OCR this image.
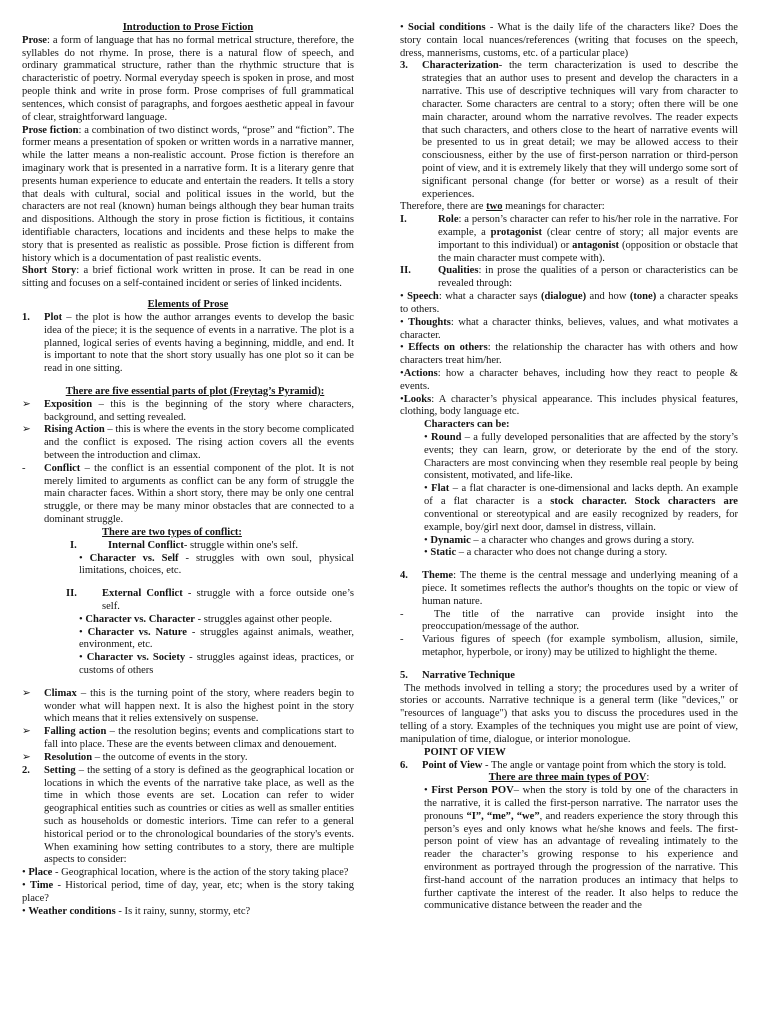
Introduction to Prose Fiction

Prose: a form of language that has no formal metrical structure, therefore, the syllables do not rhyme. In prose, there is a natural flow of speech, and ordinary grammatical structure, rather than the rhythmic structure that is characteristic of poetry. Normal everyday speech is spoken in prose, and most people think and write in prose form. Prose comprises of full grammatical sentences, which consist of paragraphs, and forgoes aesthetic appeal in favour of clear, straightforward language.

Prose fiction: a combination of two distinct words, “prose” and “fiction”. The former means a presentation of spoken or written words in a narrative manner, while the latter means a non-realistic account. Prose fiction is therefore an imaginary work that is presented in a narrative form. It is a literary genre that presents human experience to educate and entertain the readers. It tells a story that deals with cultural, social and political issues in the world, but the characters are not real (known) human beings although they bear human traits and dispositions. Although the story in prose fiction is fictitious, it contains identifiable characters, locations and incidents and these helps to make the story that is presented as realistic as possible. Prose fiction is different from history which is a documentation of past realistic events.

Short Story: a brief fictional work written in prose. It can be read in one sitting and focuses on a self-contained incident or series of linked incidents.

Elements of Prose

1.	Plot – the plot is how the author arranges events to develop the basic idea of the piece; it is the sequence of events in a narrative. The plot is a planned, logical series of events having a beginning, middle, and end. It is important to note that the short story usually has one plot so it can be read in one sitting.

There are five essential parts of plot (Freytag’s Pyramid):

➢	Exposition – this is the beginning of the story where characters, background, and setting revealed.
➢	Rising Action – this is where the events in the story become complicated and the conflict is exposed. The rising action covers all the events between the introduction and climax.
-	Conflict – the conflict is an essential component of the plot. It is not merely limited to arguments as conflict can be any form of struggle the main character faces. Within a short story, there may be only one central struggle, or there may be many minor obstacles that are connected to a dominant struggle.

There are two types of conflict:

I.	Internal Conflict- struggle within one's self.
• Character vs. Self - struggles with own soul, physical limitations, choices, etc.
II.	External Conflict - struggle with a force outside one’s self.
• Character vs. Character - struggles against other people.
• Character vs. Nature - struggles against animals, weather, environment, etc.
• Character vs. Society - struggles against ideas, practices, or customs of others
➢	Climax – this is the turning point of the story, where readers begin to wonder what will happen next. It is also the highest point in the story which means that it relies extensively on suspense.
➢	Falling action – the resolution begins; events and complications start to fall into place. These are the events between climax and denouement.
➢	Resolution – the outcome of events in the story.
2.	Setting – the setting of a story is defined as the geographical location or locations in which the events of the narrative take place, as well as the time in which those events are set. Location can refer to wider geographical entities such as countries or cities as well as smaller entities such as households or domestic interiors. Time can refer to a general historical period or to the chronological boundaries of the story's events. When examining how setting contributes to a story, there are multiple aspects to consider:

• Place - Geographical location, where is the action of the story taking place?

• Time - Historical period, time of day, year, etc; when is the story taking place?

• Weather conditions - Is it rainy, sunny, stormy, etc?

• Social conditions - What is the daily life of the characters like? Does the story contain local nuances/references (writing that focuses on the speech, dress, mannerisms, customs, etc. of a particular place)

3.	Characterization- the term characterization is used to describe the strategies that an author uses to present and develop the characters in a narrative. This use of descriptive techniques will vary from character to character. Some characters are central to a story; often there will be one main character, around whom the narrative revolves. The reader expects that such characters, and others close to the heart of narrative events will be presented to us in great detail; we may be allowed access to their consciousness, either by the use of first-person narration or third-person point of view, and it is extremely likely that they will undergo some sort of significant personal change (for better or worse) as a result of their experiences.

Therefore, there are two meanings for character:

I.	Role: a person’s character can refer to his/her role in the narrative. For example, a protagonist (clear centre of story; all major events are important to this individual) or antagonist (opposition or obstacle that the main character must compete with).
II.	Qualities: in prose the qualities of a person or characteristics can be revealed through:

• Speech: what a character says (dialogue) and how (tone) a character speaks to others.

• Thoughts: what a character thinks, believes, values, and what motivates a character.

• Effects on others: the relationship the character has with others and how characters treat him/her.

•Actions: how a character behaves, including how they react to people & events.

•Looks: A character’s physical appearance. This includes physical features, clothing, body language etc.

Characters can be:

• Round – a fully developed personalities that are affected by the story’s events; they can learn, grow, or deteriorate by the end of the story. Characters are most convincing when they resemble real people by being consistent, motivated, and life-like.

• Flat – a flat character is one-dimensional and lacks depth. An example of a flat character is a stock character. Stock characters are conventional or stereotypical and are easily recognized by readers, for example, boy/girl next door, damsel in distress, villain.

• Dynamic – a character who changes and grows during a story.

• Static – a character who does not change during a story.

4.	Theme: The theme is the central message and underlying meaning of a piece. It sometimes reflects the author's thoughts on the topic or view of human nature.
-	The title of the narrative can provide insight into the preoccupation/message of the author.
-	Various figures of speech (for example symbolism, allusion, simile, metaphor, hyperbole, or irony) may be utilized to highlight the theme.
5.	Narrative Technique

The methods involved in telling a story; the procedures used by a writer of stories or accounts. Narrative technique is a general term (like "devices," or "resources of language") that asks you to discuss the procedures used in the telling of a story. Examples of the techniques you might use are point of view, manipulation of time, dialogue, or interior monologue.

POINT OF VIEW

6.	Point of View - The angle or vantage point from which the story is told.

There are three main types of POV:

• First Person POV– when the story is told by one of the characters in the narrative, it is called the first-person narrative. The narrator uses the pronouns “I”, “me”, “we”, and readers experience the story through this person’s eyes and only knows what he/she knows and feels. The first-person point of view has an advantage of revealing intimately to the reader the character’s growing response to his experience and environment as portrayed through the progression of the narrative. This first-hand account of the narration produces an intimacy that helps to further captivate the interest of the reader. It also helps to reduce the communicative distance between the reader and the
